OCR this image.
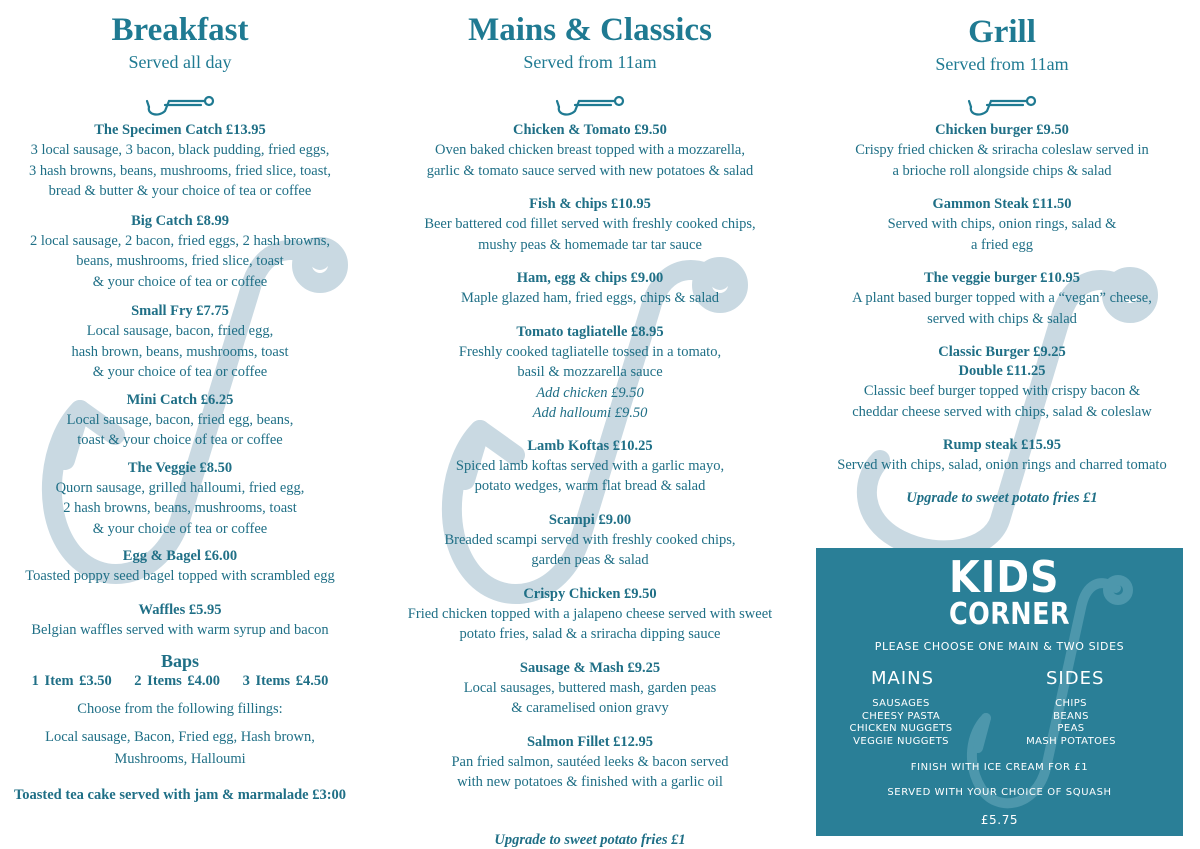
Breakfast
Served all day
The Specimen Catch £13.95
3 local sausage, 3 bacon, black pudding, fried eggs,
3 hash browns, beans, mushrooms, fried slice, toast,
bread & butter & your choice of tea or coffee
Big Catch £8.99
2 local sausage, 2 bacon, fried eggs, 2 hash browns,
beans, mushrooms, fried slice, toast
& your choice of tea or coffee
Small Fry £7.75
Local sausage, bacon, fried egg,
hash brown, beans, mushrooms, toast
& your choice of tea or coffee
Mini Catch £6.25
Local sausage, bacon, fried egg, beans,
toast & your choice of tea or coffee
The Veggie £8.50
Quorn sausage, grilled halloumi, fried egg,
2 hash browns, beans, mushrooms, toast
& your choice of tea or coffee
Egg & Bagel £6.00
Toasted poppy seed bagel topped with scrambled egg
Waffles £5.95
Belgian waffles served with warm syrup and bacon
Baps
1 Item £3.50 2 Items £4.00 3 Items £4.50
Choose from the following fillings:
Local sausage, Bacon, Fried egg, Hash brown,
Mushrooms, Halloumi
Toasted tea cake served with jam & marmalade £3:00
Mains & Classics
Served from 11am
Chicken & Tomato £9.50
Oven baked chicken breast topped with a mozzarella,
garlic & tomato sauce served with new potatoes & salad
Fish & chips £10.95
Beer battered cod fillet served with freshly cooked chips,
mushy peas & homemade tar tar sauce
Ham, egg & chips £9.00
Maple glazed ham, fried eggs, chips & salad
Tomato tagliatelle £8.95
Freshly cooked tagliatelle tossed in a tomato,
basil & mozzarella sauce
Add chicken £9.50
Add halloumi £9.50
Lamb Koftas £10.25
Spiced lamb koftas served with a garlic mayo,
potato wedges, warm flat bread & salad
Scampi £9.00
Breaded scampi served with freshly cooked chips,
garden peas & salad
Crispy Chicken £9.50
Fried chicken topped with a jalapeno cheese served with sweet
potato fries, salad & a sriracha dipping sauce
Sausage & Mash £9.25
Local sausages, buttered mash, garden peas
& caramelised onion gravy
Salmon Fillet £12.95
Pan fried salmon, sautéed leeks & bacon served
with new potatoes & finished with a garlic oil
Upgrade to sweet potato fries £1
Grill
Served from 11am
Chicken burger £9.50
Crispy fried chicken & sriracha coleslaw served in
a brioche roll alongside chips & salad
Gammon Steak £11.50
Served with chips, onion rings, salad &
a fried egg
The veggie burger £10.95
A plant based burger topped with a “vegan” cheese,
served with chips & salad
Classic Burger £9.25
Double £11.25
Classic beef burger topped with crispy bacon &
cheddar cheese served with chips, salad & coleslaw
Rump steak £15.95
Served with chips, salad, onion rings and charred tomato
Upgrade to sweet potato fries £1
KIDS
CORNER
PLEASE CHOOSE ONE MAIN & TWO SIDES
MAINS
SAUSAGES
CHEESY PASTA
CHICKEN NUGGETS
VEGGIE NUGGETS
SIDES
CHIPS
BEANS
PEAS
MASH POTATOES
FINISH WITH ICE CREAM FOR £1
SERVED WITH YOUR CHOICE OF SQUASH
£5.75
